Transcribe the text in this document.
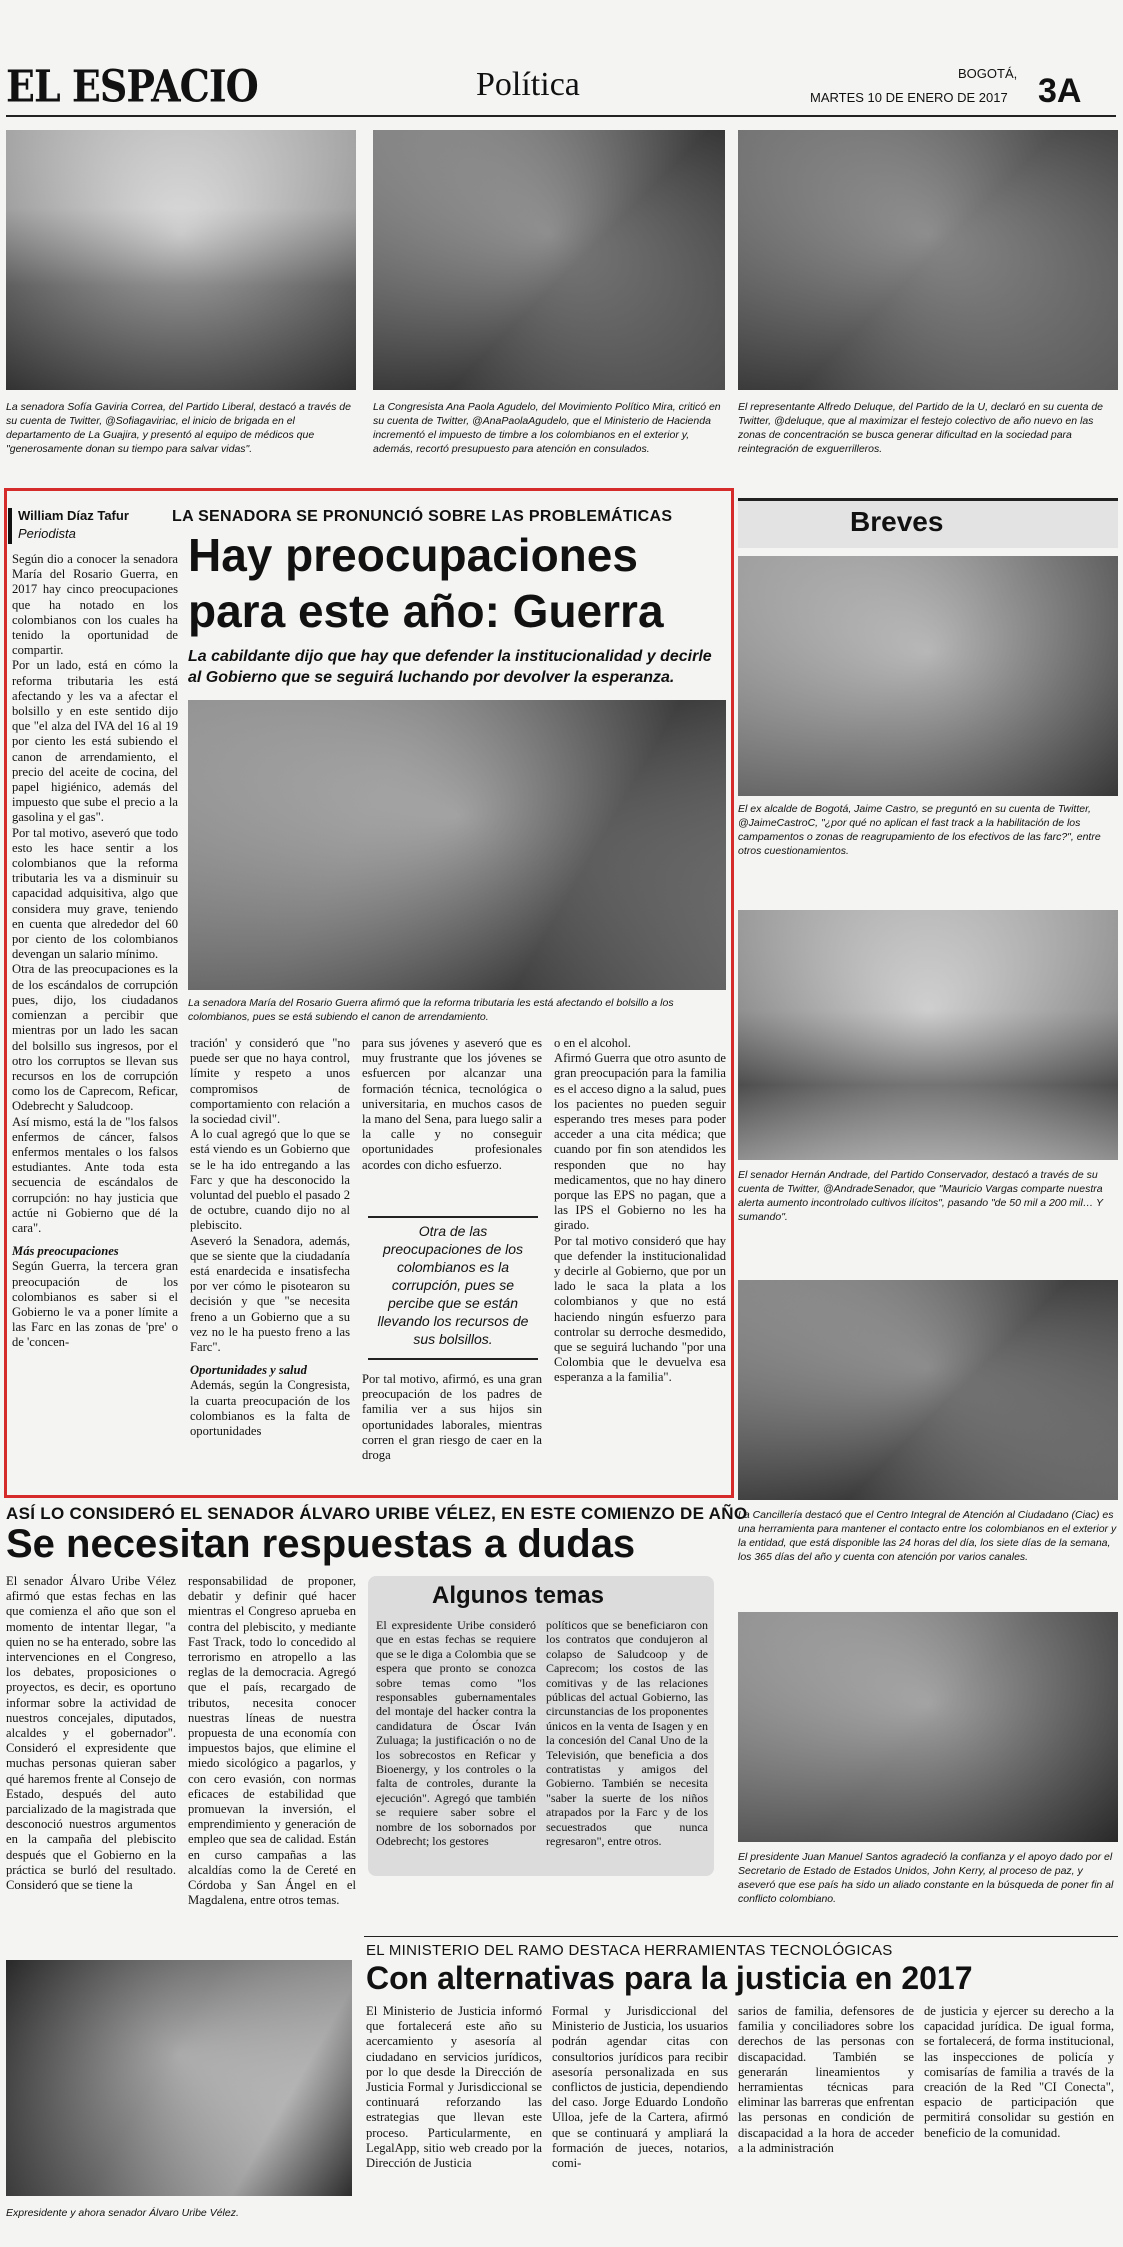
EL ESPACIO	Política	BOGOTÁ,
MARTES 10 DE ENERO DE 2017 3A
La senadora Sofía Gaviria Correa, del Partido Liberal, destacó a través de su cuenta de Twitter, @Sofiagaviriac, el inicio de brigada en el departamento de La Guajira, y presentó al equipo de médicos que "generosamente donan su tiempo para salvar vidas".
La Congresista Ana Paola Agudelo, del Movimiento Político Mira, criticó en su cuenta de Twitter, @AnaPaolaAgudelo, que el Ministerio de Hacienda incrementó el impuesto de timbre a los colombianos en el exterior y, además, recortó presupuesto para atención en consulados.
El representante Alfredo Deluque, del Partido de la U, declaró en su cuenta de Twitter, @deluque, que al maximizar el festejo colectivo de año nuevo en las zonas de concentración se busca generar dificultad en la sociedad para reintegración de exguerrilleros.
William Díaz Tafur
Periodista
LA SENADORA SE PRONUNCIÓ SOBRE LAS PROBLEMÁTICAS
Hay preocupaciones
para este año: Guerra
La cabildante dijo que hay que defender la institucionalidad y decirle al Gobierno que se seguirá luchando por devolver la esperanza.
La senadora María del Rosario Guerra afirmó que la reforma tributaria les está afectando el bolsillo a los colombianos, pues se está subiendo el canon de arrendamiento.

Según dio a conocer la senadora María del Rosario Guerra, en 2017 hay cinco preocupaciones que ha notado en los colombianos con los cuales ha tenido la oportunidad de compartir.

Por un lado, está en cómo la reforma tributaria les está afectando y les va a afectar el bolsillo y en este sentido dijo que "el alza del IVA del 16 al 19 por ciento les está subiendo el canon de arrendamiento, el precio del aceite de cocina, del papel higiénico, además del impuesto que sube el precio a la gasolina y el gas".

Por tal motivo, aseveró que todo esto les hace sentir a los colombianos que la reforma tributaria les va a disminuir su capacidad adquisitiva, algo que considera muy grave, teniendo en cuenta que alrededor del 60 por ciento de los colombianos devengan un salario mínimo.

Otra de las preocupaciones es la de los escándalos de corrupción pues, dijo, los ciudadanos comienzan a percibir que mientras por un lado les sacan del bolsillo sus ingresos, por el otro los corruptos se llevan sus recursos en los de corrupción como los de Caprecom, Reficar, Odebrecht y Saludcoop.

Así mismo, está la de "los falsos enfermos de cáncer, falsos enfermos mentales o los falsos estudiantes. Ante toda esta secuencia de escándalos de corrupción: no hay justicia que actúe ni Gobierno que dé la cara".

Más preocupaciones

Según Guerra, la tercera gran preocupación de los colombianos es saber si el Gobierno le va a poner límite a las Farc en las zonas de 'pre' o de 'concen-

tración' y consideró que "no puede ser que no haya control, límite y respeto a unos compromisos de comportamiento con relación a la sociedad civil".

A lo cual agregó que lo que se está viendo es un Gobierno que se le ha ido entregando a las Farc y que ha desconocido la voluntad del pueblo el pasado 2 de octubre, cuando dijo no al plebiscito.

Aseveró la Senadora, además, que se siente que la ciudadanía está enardecida e insatisfecha por ver cómo le pisotearon su decisión y que "se necesita freno a un Gobierno que a su vez no le ha puesto freno a las Farc".

Oportunidades y salud

Además, según la Congresista, la cuarta preocupación de los colombianos es la falta de oportunidades

para sus jóvenes y aseveró que es muy frustrante que los jóvenes se esfuercen por alcanzar una formación técnica, tecnológica o universitaria, en muchos casos de la mano del Sena, para luego salir a la calle y no conseguir oportunidades profesionales acordes con dicho esfuerzo.

Otra de las preocupaciones de los colombianos es la corrupción, pues se percibe que se están llevando los recursos de sus bolsillos.

Por tal motivo, afirmó, es una gran preocupación de los padres de familia ver a sus hijos sin oportunidades laborales, mientras corren el gran riesgo de caer en la droga

o en el alcohol.

Afirmó Guerra que otro asunto de gran preocupación para la familia es el acceso digno a la salud, pues los pacientes no pueden seguir esperando tres meses para poder acceder a una cita médica; que cuando por fin son atendidos les responden que no hay medicamentos, que no hay dinero porque las EPS no pagan, que a las IPS el Gobierno no les ha girado.

Por tal motivo consideró que hay que defender la institucionalidad y decirle al Gobierno, que por un lado le saca la plata a los colombianos y que no está haciendo ningún esfuerzo para controlar su derroche desmedido, que se seguirá luchando "por una Colombia que le devuelva esa esperanza a la familia".

Breves
El ex alcalde de Bogotá, Jaime Castro, se preguntó en su cuenta de Twitter, @JaimeCastroC, "¿por qué no aplican el fast track a la habilitación de los campamentos o zonas de reagrupamiento de los efectivos de las farc?", entre otros cuestionamientos.
El senador Hernán Andrade, del Partido Conservador, destacó a través de su cuenta de Twitter, @AndradeSenador, que "Mauricio Vargas comparte nuestra alerta aumento incontrolado cultivos ilícitos", pasando "de 50 mil a 200 mil… Y sumando".
La Cancillería destacó que el Centro Integral de Atención al Ciudadano (Ciac) es una herramienta para mantener el contacto entre los colombianos en el exterior y la entidad, que está disponible las 24 horas del día, los siete días de la semana, los 365 días del año y cuenta con atención por varios canales.
El presidente Juan Manuel Santos agradeció la confianza y el apoyo dado por el Secretario de Estado de Estados Unidos, John Kerry, al proceso de paz, y aseveró que ese país ha sido un aliado constante en la búsqueda de poner fin al conflicto colombiano.
ASÍ LO CONSIDERÓ EL SENADOR ÁLVARO URIBE VÉLEZ, EN ESTE COMIENZO DE AÑO
Se necesitan respuestas a dudas

El senador Álvaro Uribe Vélez afirmó que estas fechas en las que comienza el año que son el momento de intentar llegar, "a quien no se ha enterado, sobre las intervenciones en el Congreso, los debates, proposiciones o proyectos, es decir, es oportuno informar sobre la actividad de nuestros concejales, diputados, alcaldes y el gobernador". Consideró el expresidente que muchas personas quieran saber qué haremos frente al Consejo de Estado, después del auto parcializado de la magistrada que desconoció nuestros argumentos en la campaña del plebiscito después que el Gobierno en la práctica se burló del resultado. Consideró que se tiene la

responsabilidad de proponer, debatir y definir qué hacer mientras el Congreso aprueba en contra del plebiscito, y mediante Fast Track, todo lo concedido al terrorismo en atropello a las reglas de la democracia. Agregó que el país, recargado de tributos, necesita conocer nuestras líneas de nuestra propuesta de una economía con impuestos bajos, que elimine el miedo sicológico a pagarlos, y con cero evasión, con normas eficaces de estabilidad que promuevan la inversión, el emprendimiento y generación de empleo que sea de calidad. Están en curso campañas a las alcaldías como la de Cereté en Córdoba y San Ángel en el Magdalena, entre otros temas.

Algunos temas

El expresidente Uribe consideró que en estas fechas se requiere que se le diga a Colombia que se espera que pronto se conozca sobre temas como "los responsables gubernamentales del montaje del hacker contra la candidatura de Óscar Iván Zuluaga; la justificación o no de los sobrecostos en Reficar y Bioenergy, y los controles o la falta de controles, durante la ejecución". Agregó que también se requiere saber sobre el nombre de los sobornados por Odebrecht; los gestores

políticos que se beneficiaron con los contratos que condujeron al colapso de Saludcoop y de Caprecom; los costos de las comitivas y de las relaciones públicas del actual Gobierno, las circunstancias de los proponentes únicos en la venta de Isagen y en la concesión del Canal Uno de la Televisión, que beneficia a dos contratistas y amigos del Gobierno. También se necesita "saber la suerte de los niños atrapados por la Farc y de los secuestrados que nunca regresaron", entre otros.

Expresidente y ahora senador Álvaro Uribe Vélez.
EL MINISTERIO DEL RAMO DESTACA HERRAMIENTAS TECNOLÓGICAS
Con alternativas para la justicia en 2017

El Ministerio de Justicia informó que fortalecerá este año su acercamiento y asesoría al ciudadano en servicios jurídicos, por lo que desde la Dirección de Justicia Formal y Jurisdiccional se continuará reforzando las estrategias que llevan este proceso. Particularmente, en LegalApp, sitio web creado por la Dirección de Justicia

Formal y Jurisdiccional del Ministerio de Justicia, los usuarios podrán agendar citas con consultorios jurídicos para recibir asesoría personalizada en sus conflictos de justicia, dependiendo del caso. Jorge Eduardo Londoño Ulloa, jefe de la Cartera, afirmó que se continuará y ampliará la formación de jueces, notarios, comi-

sarios de familia, defensores de familia y conciliadores sobre los derechos de las personas con discapacidad. También se generarán lineamientos y herramientas técnicas para eliminar las barreras que enfrentan las personas en condición de discapacidad a la hora de acceder a la administración

de justicia y ejercer su derecho a la capacidad jurídica. De igual forma, se fortalecerá, de forma institucional, las inspecciones de policía y comisarías de familia a través de la creación de la Red "CI Conecta", espacio de participación que permitirá consolidar su gestión en beneficio de la comunidad.
